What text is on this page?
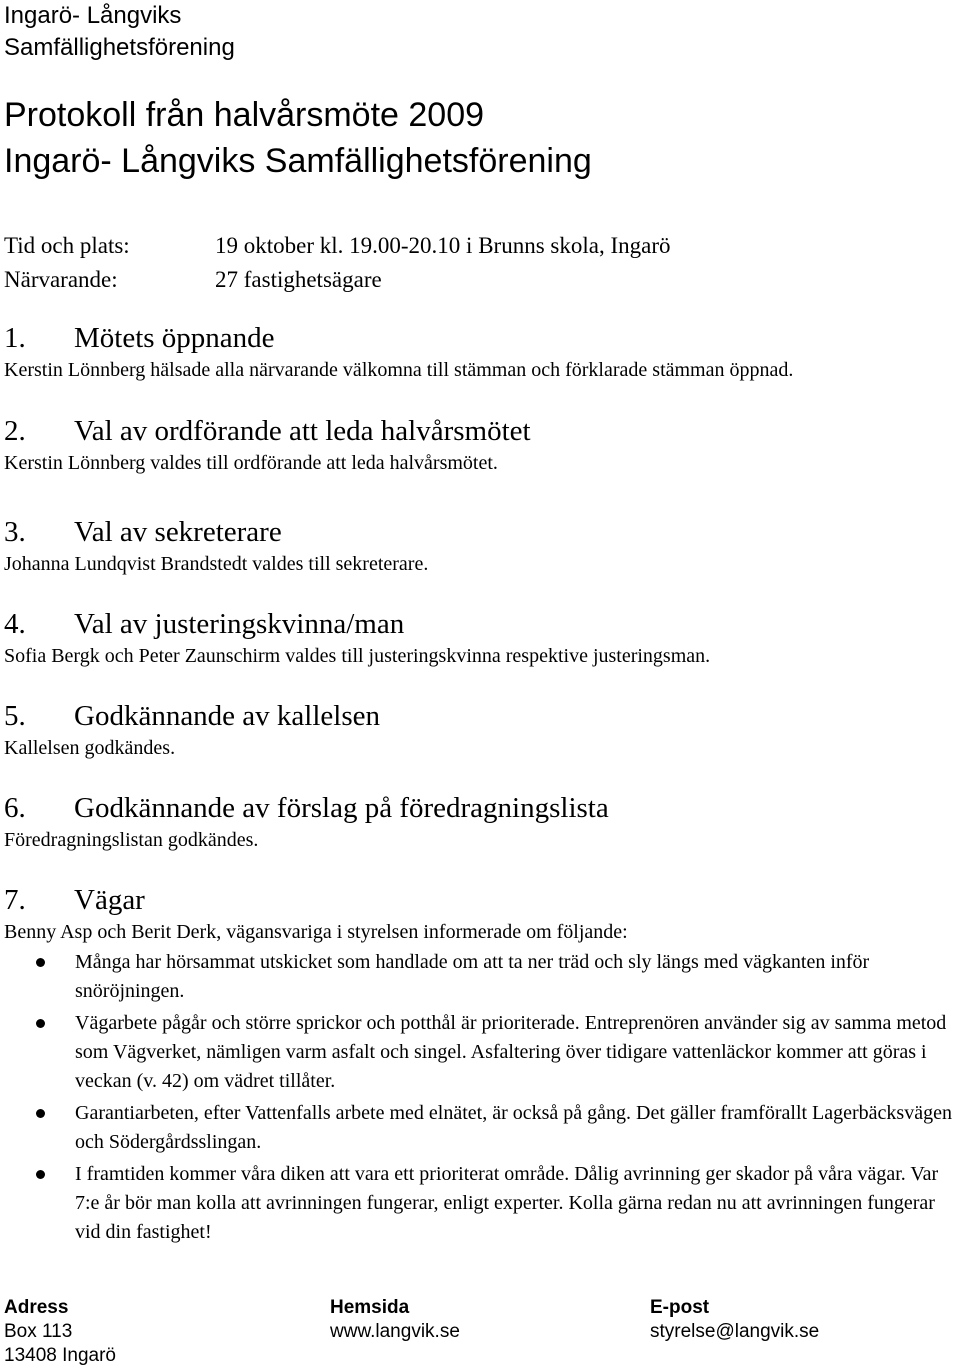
Ingarö- Långviks
Samfällighetsförening
Protokoll från halvårsmöte 2009
Ingarö- Långviks Samfällighetsförening
Tid och plats:	19 oktober kl. 19.00-20.10 i Brunns skola, Ingarö
Närvarande:	27 fastighetsägare
1. Mötets öppnande
Kerstin Lönnberg hälsade alla närvarande välkomna till stämman och förklarade stämman öppnad.
2. Val av ordförande att leda halvårsmötet
Kerstin Lönnberg valdes till ordförande att leda halvårsmötet.
3. Val av sekreterare
Johanna Lundqvist Brandstedt valdes till sekreterare.
4. Val av justeringskvinna/man
Sofia Bergk och Peter Zaunschirm valdes till justeringskvinna respektive justeringsman.
5. Godkännande av kallelsen
Kallelsen godkändes.
6. Godkännande av förslag på föredragningslista
Föredragningslistan godkändes.
7. Vägar
Benny Asp och Berit Derk, vägansvariga i styrelsen informerade om följande:
Många har hörsammat utskicket som handlade om att ta ner träd och sly längs med vägkanten inför snöröjningen.
Vägarbete pågår och större sprickor och potthål är prioriterade. Entreprenören använder sig av samma metod som Vägverket, nämligen varm asfalt och singel. Asfaltering över tidigare vattenläckor kommer att göras i veckan (v. 42) om vädret tillåter.
Garantiarbeten, efter Vattenfalls arbete med elnätet, är också på gång. Det gäller framförallt Lagerbäcksvägen och Södergårdsslingan.
I framtiden kommer våra diken att vara ett prioriterat område. Dålig avrinning ger skador på våra vägar. Var 7:e år bör man kolla att avrinningen fungerar, enligt experter. Kolla gärna redan nu att avrinningen fungerar vid din fastighet!
Adress
Box 113
13408 Ingarö
Hemsida
www.langvik.se
E-post
styrelse@langvik.se
